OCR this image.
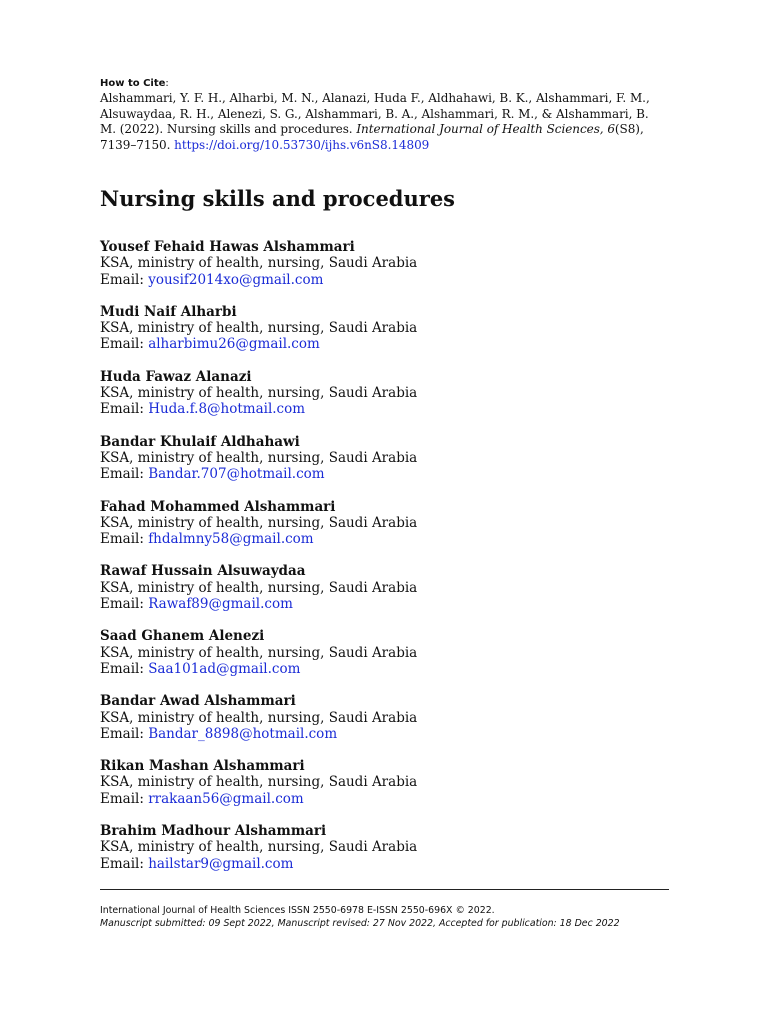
How to Cite:
Alshammari, Y. F. H., Alharbi, M. N., Alanazi, Huda F., Aldhahawi, B. K., Alshammari, F. M., Alsuwaydaa, R. H., Alenezi, S. G., Alshammari, B. A., Alshammari, R. M., & Alshammari, B. M. (2022). Nursing skills and procedures. International Journal of Health Sciences, 6(S8), 7139–7150. https://doi.org/10.53730/ijhs.v6nS8.14809
Nursing skills and procedures
Yousef Fehaid Hawas Alshammari
KSA, ministry of health, nursing, Saudi Arabia
Email: yousif2014xo@gmail.com
Mudi Naif Alharbi
KSA, ministry of health, nursing, Saudi Arabia
Email: alharbimu26@gmail.com
Huda Fawaz Alanazi
KSA, ministry of health, nursing, Saudi Arabia
Email: Huda.f.8@hotmail.com
Bandar Khulaif Aldhahawi
KSA, ministry of health, nursing, Saudi Arabia
Email: Bandar.707@hotmail.com
Fahad Mohammed Alshammari
KSA, ministry of health, nursing, Saudi Arabia
Email: fhdalmny58@gmail.com
Rawaf Hussain Alsuwaydaa
KSA, ministry of health, nursing, Saudi Arabia
Email: Rawaf89@gmail.com
Saad Ghanem Alenezi
KSA, ministry of health, nursing, Saudi Arabia
Email: Saa101ad@gmail.com
Bandar Awad Alshammari
KSA, ministry of health, nursing, Saudi Arabia
Email: Bandar_8898@hotmail.com
Rikan Mashan Alshammari
KSA, ministry of health, nursing, Saudi Arabia
Email: rrakaan56@gmail.com
Brahim Madhour Alshammari
KSA, ministry of health, nursing, Saudi Arabia
Email: hailstar9@gmail.com
International Journal of Health Sciences ISSN 2550-6978 E-ISSN 2550-696X © 2022.
Manuscript submitted: 09 Sept 2022, Manuscript revised: 27 Nov 2022, Accepted for publication: 18 Dec 2022
